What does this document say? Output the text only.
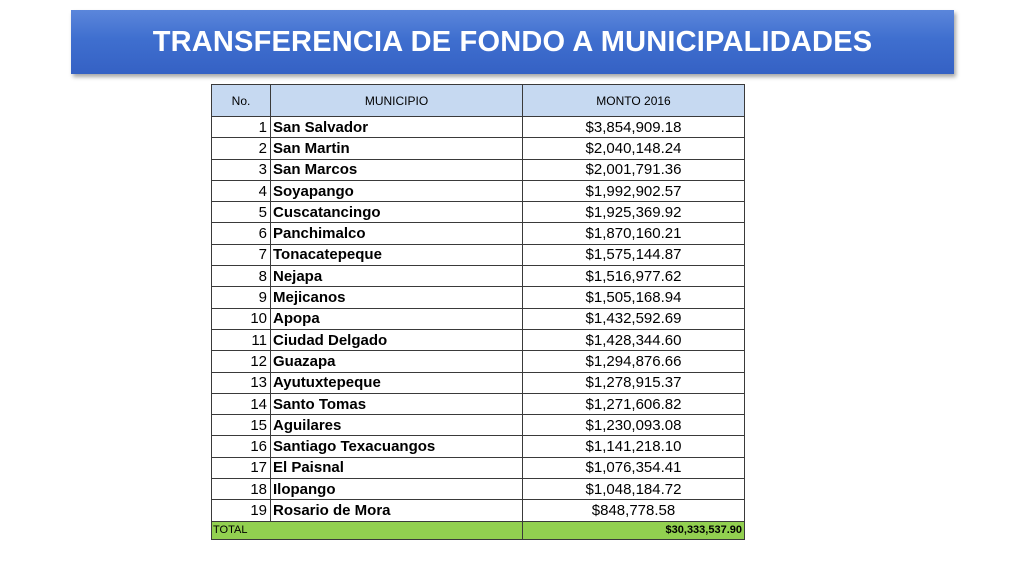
TRANSFERENCIA DE FONDO A MUNICIPALIDADES
No.	MUNICIPIO	MONTO 2016
1	San Salvador	$3,854,909.18
2	San Martin	$2,040,148.24
3	San Marcos	$2,001,791.36
4	Soyapango	$1,992,902.57
5	Cuscatancingo	$1,925,369.92
6	Panchimalco	$1,870,160.21
7	Tonacatepeque	$1,575,144.87
8	Nejapa	$1,516,977.62
9	Mejicanos	$1,505,168.94
10	Apopa	$1,432,592.69
11	Ciudad Delgado	$1,428,344.60
12	Guazapa	$1,294,876.66
13	Ayutuxtepeque	$1,278,915.37
14	Santo Tomas	$1,271,606.82
15	Aguilares	$1,230,093.08
16	Santiago Texacuangos	$1,141,218.10
17	El Paisnal	$1,076,354.41
18	Ilopango	$1,048,184.72
19	Rosario de Mora	$848,778.58
TOTAL		$30,333,537.90
